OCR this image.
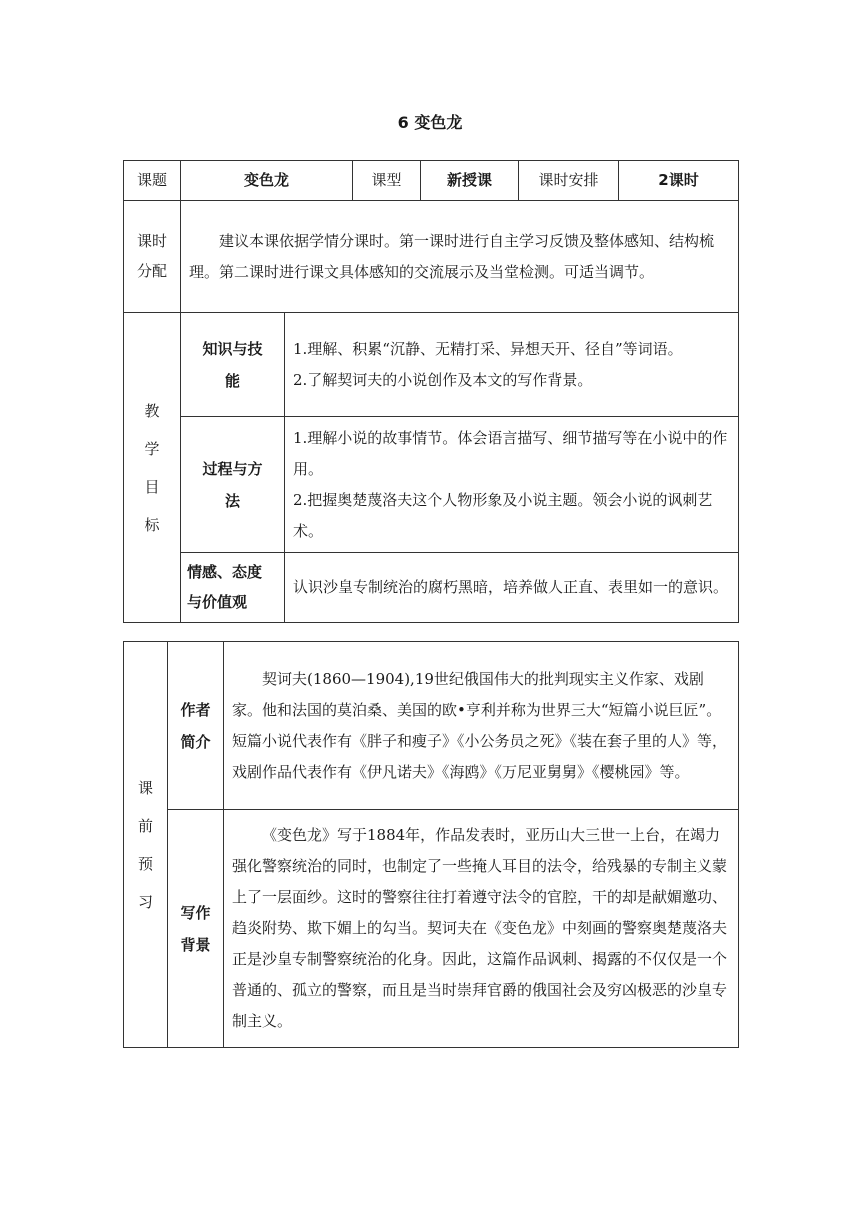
6 变色龙
课题	变色龙		课型	新授课	课时安排	2课时
课时分配	建议本课依据学情分课时。第一课时进行自主学习反馈及整体感知、结构梳理。第二课时进行课文具体感知的交流展示及当堂检测。可适当调节。					

教学目标	知识与技能	1.理解、积累“沉静、无精打采、异想天开、径自”等词语。

2.了解契诃夫的小说创作及本文的写作背景。				

	过程与方法	1.理解小说的故事情节。体会语言描写、细节描写等在小说中的作用。

2.把握奥楚蔑洛夫这个人物形象及小说主题。领会小说的讽刺艺术。				

	情感、态度与价值观	认识沙皇专制统治的腐朽黑暗，培养做人正直、表里如一的意识。				

课前预习	作者简介	契诃夫(1860—1904),19世纪俄国伟大的批判现实主义作家、戏剧家。他和法国的莫泊桑、美国的欧•亨利并称为世界三大“短篇小说巨匠”。短篇小说代表作有《胖子和瘦子》《小公务员之死》《装在套子里的人》等，戏剧作品代表作有《伊凡诺夫》《海鸥》《万尼亚舅舅》《樱桃园》等。

	写作背景	《变色龙》写于1884年，作品发表时，亚历山大三世一上台，在竭力强化警察统治的同时，也制定了一些掩人耳目的法令，给残暴的专制主义蒙上了一层面纱。这时的警察往往打着遵守法令的官腔，干的却是献媚邀功、趋炎附势、欺下媚上的勾当。契诃夫在《变色龙》中刻画的警察奥楚蔑洛夫正是沙皇专制警察统治的化身。因此，这篇作品讽刺、揭露的不仅仅是一个普通的、孤立的警察，而且是当时崇拜官爵的俄国社会及穷凶极恶的沙皇专制主义。
